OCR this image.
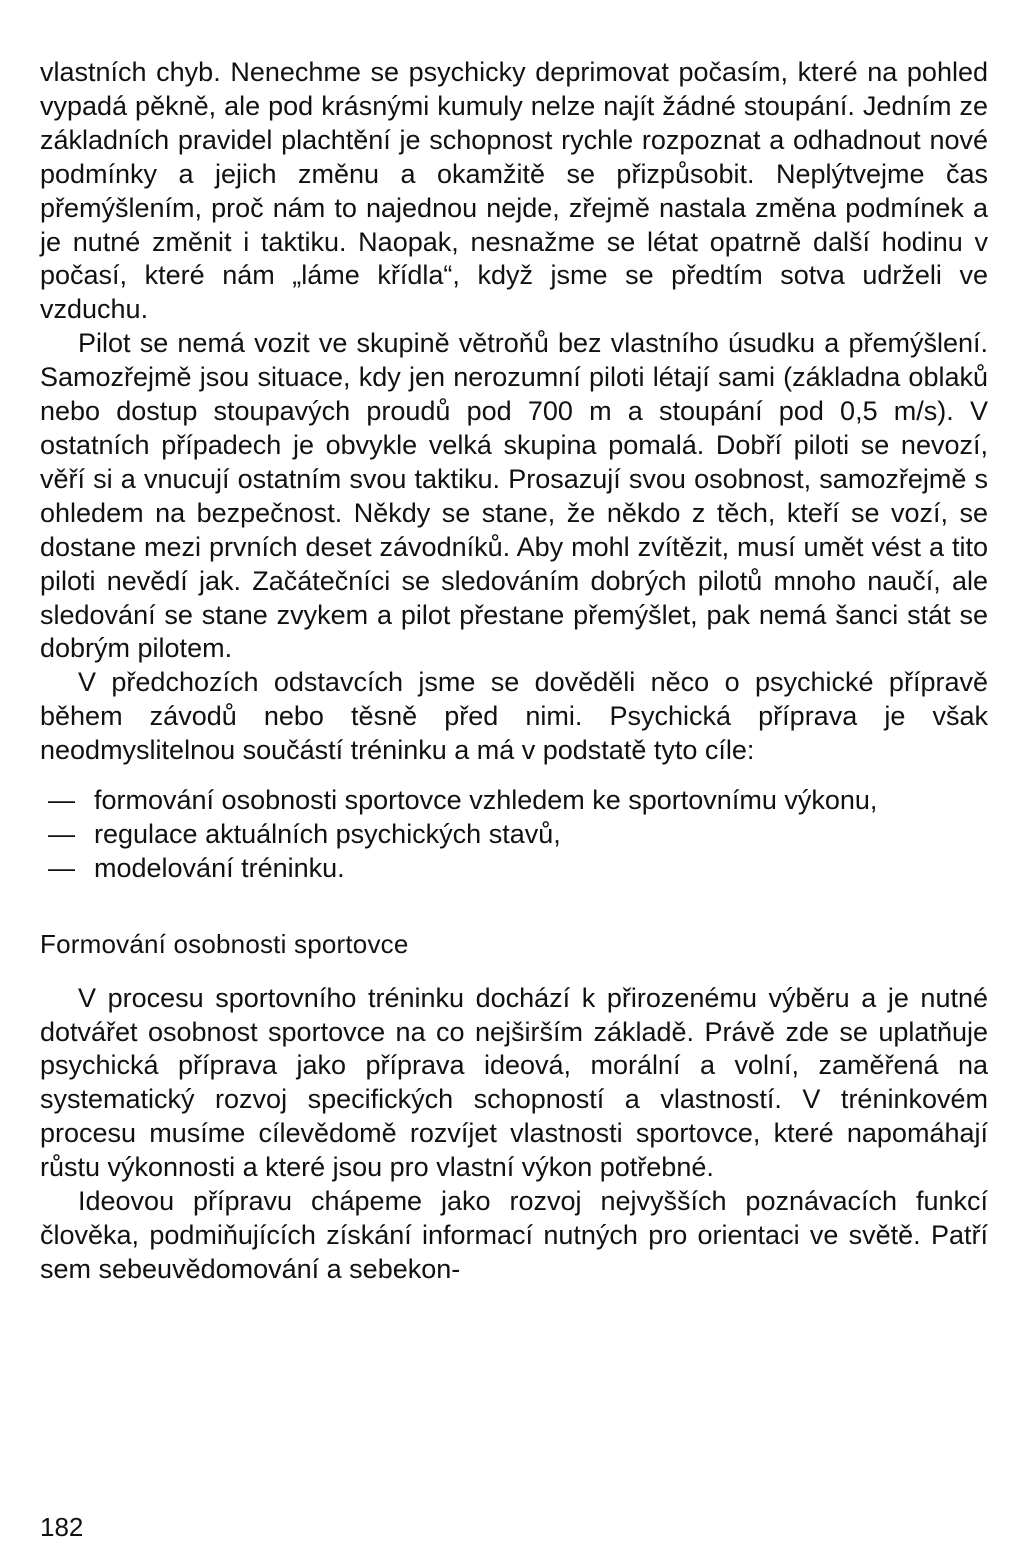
vlastních chyb. Nenechme se psychicky deprimovat počasím, které na pohled vypadá pěkně, ale pod krásnými kumuly nelze najít žádné stoupání. Jedním ze základních pravidel plachtění je schopnost rychle rozpoznat a odhadnout nové podmínky a jejich změnu a okamžitě se přizpůsobit. Neplýtvejme čas přemýšlením, proč nám to najednou nejde, zřejmě nastala změna podmínek a je nutné změnit i taktiku. Naopak, nesnažme se létat opatrně další hodinu v počasí, které nám „láme křídla“, když jsme se předtím sotva udrželi ve vzduchu.

Pilot se nemá vozit ve skupině větroňů bez vlastního úsudku a přemýšlení. Samozřejmě jsou situace, kdy jen nerozumní piloti létají sami (základna oblaků nebo dostup stoupavých proudů pod 700 m a stoupání pod 0,5 m/s). V ostatních případech je obvykle velká skupina pomalá. Dobří piloti se nevozí, věří si a vnucují ostatním svou taktiku. Prosazují svou osobnost, samozřejmě s ohledem na bezpečnost. Někdy se stane, že někdo z těch, kteří se vozí, se dostane mezi prvních deset závodníků. Aby mohl zvítězit, musí umět vést a tito piloti nevědí jak. Začátečníci se sledováním dobrých pilotů mnoho naučí, ale sledování se stane zvykem a pilot přestane přemýšlet, pak nemá šanci stát se dobrým pilotem.

V předchozích odstavcích jsme se dověděli něco o psychické přípravě během závodů nebo těsně před nimi. Psychická příprava je však neodmyslitelnou součástí tréninku a má v podstatě tyto cíle:

— formování osobnosti sportovce vzhledem ke sportovnímu výkonu,
— regulace aktuálních psychických stavů,
— modelování tréninku.
Formování osobnosti sportovce

V procesu sportovního tréninku dochází k přirozenému výběru a je nutné dotvářet osobnost sportovce na co nejširším základě. Právě zde se uplatňuje psychická příprava jako příprava ideová, morální a volní, zaměřená na systematický rozvoj specifických schopností a vlastností. V tréninkovém procesu musíme cílevědomě rozvíjet vlastnosti sportovce, které napomáhají růstu výkonnosti a které jsou pro vlastní výkon potřebné.

Ideovou přípravu chápeme jako rozvoj nejvyšších poznávacích funkcí člověka, podmiňujících získání informací nutných pro orientaci ve světě. Patří sem sebeuvědomování a sebekon-

182
